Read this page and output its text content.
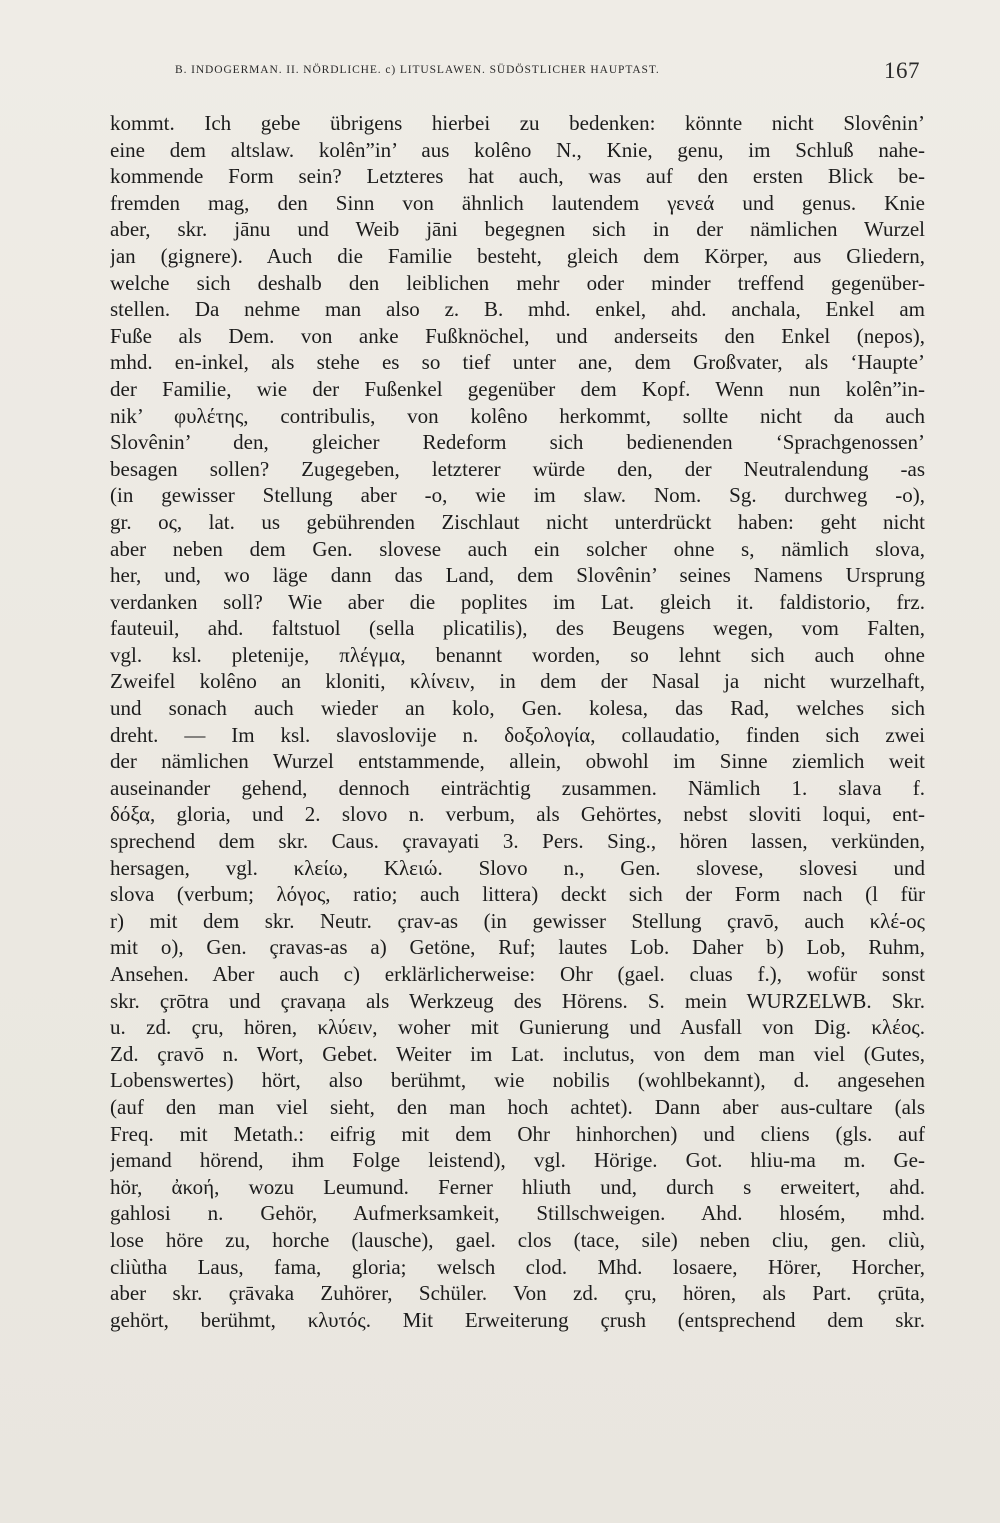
B. INDOGERMAN. II. NÖRDLICHE. c) LITUSLAWEN. SÜDÖSTLICHER HAUPTAST.	167
kommt. Ich gebe übrigens hierbei zu bedenken: könnte nicht Slovênin’
eine dem altslaw. kolên”in’ aus kolêno N., Knie, genu, im Schluß nahe-
kommende Form sein? Letzteres hat auch, was auf den ersten Blick be-
fremden mag, den Sinn von ähnlich lautendem γενεά und genus. Knie
aber, skr. jānu und Weib jāni begegnen sich in der nämlichen Wurzel
jan (gignere). Auch die Familie besteht, gleich dem Körper, aus Gliedern,
welche sich deshalb den leiblichen mehr oder minder treffend gegenüber-
stellen. Da nehme man also z. B. mhd. enkel, ahd. anchala, Enkel am
Fuße als Dem. von anke Fußknöchel, und anderseits den Enkel (nepos),
mhd. en-inkel, als stehe es so tief unter ane, dem Großvater, als ‘Haupte’
der Familie, wie der Fußenkel gegenüber dem Kopf. Wenn nun kolên”in-
nik’ φυλέτης, contribulis, von kolêno herkommt, sollte nicht da auch
Slovênin’ den, gleicher Redeform sich bedienenden ‘Sprachgenossen’
besagen sollen? Zugegeben, letzterer würde den, der Neutralendung -as
(in gewisser Stellung aber -o, wie im slaw. Nom. Sg. durchweg -o),
gr. ος, lat. us gebührenden Zischlaut nicht unterdrückt haben: geht nicht
aber neben dem Gen. slovese auch ein solcher ohne s, nämlich slova,
her, und, wo läge dann das Land, dem Slovênin’ seines Namens Ursprung
verdanken soll? Wie aber die poplites im Lat. gleich it. faldistorio, frz.
fauteuil, ahd. faltstuol (sella plicatilis), des Beugens wegen, vom Falten,
vgl. ksl. pletenije, πλέγμα, benannt worden, so lehnt sich auch ohne
Zweifel kolêno an kloniti, κλίνειν, in dem der Nasal ja nicht wurzelhaft,
und sonach auch wieder an kolo, Gen. kolesa, das Rad, welches sich
dreht. — Im ksl. slavoslovije n. δοξολογία, collaudatio, finden sich zwei
der nämlichen Wurzel entstammende, allein, obwohl im Sinne ziemlich weit
auseinander gehend, dennoch einträchtig zusammen. Nämlich 1. slava f.
δόξα, gloria, und 2. slovo n. verbum, als Gehörtes, nebst sloviti loqui, ent-
sprechend dem skr. Caus. çravayati 3. Pers. Sing., hören lassen, verkünden,
hersagen, vgl. κλείω, Κλειώ. Slovo n., Gen. slovese, slovesi und
slova (verbum; λόγος, ratio; auch littera) deckt sich der Form nach (l für
r) mit dem skr. Neutr. çrav-as (in gewisser Stellung çravō, auch κλέ-ος
mit o), Gen. çravas-as a) Getöne, Ruf; lautes Lob. Daher b) Lob, Ruhm,
Ansehen. Aber auch c) erklärlicherweise: Ohr (gael. cluas f.), wofür sonst
skr. çrōtra und çravaṇa als Werkzeug des Hörens. S. mein WURZELWB. Skr.
u. zd. çru, hören, κλύειν, woher mit Gunierung und Ausfall von Dig. κλέος.
Zd. çravō n. Wort, Gebet. Weiter im Lat. inclutus, von dem man viel (Gutes,
Lobenswertes) hört, also berühmt, wie nobilis (wohlbekannt), d. angesehen
(auf den man viel sieht, den man hoch achtet). Dann aber aus-cultare (als
Freq. mit Metath.: eifrig mit dem Ohr hinhorchen) und cliens (gls. auf
jemand hörend, ihm Folge leistend), vgl. Hörige. Got. hliu-ma m. Ge-
hör, ἀκοή, wozu Leumund. Ferner hliuth und, durch s erweitert, ahd.
gahlosi n. Gehör, Aufmerksamkeit, Stillschweigen. Ahd. hlosém, mhd.
lose höre zu, horche (lausche), gael. clos (tace, sile) neben cliu, gen. cliù,
cliùtha Laus, fama, gloria; welsch clod. Mhd. losaere, Hörer, Horcher,
aber skr. çrāvaka Zuhörer, Schüler. Von zd. çru, hören, als Part. çrūta,
gehört, berühmt, κλυτός. Mit Erweiterung çrush (entsprechend dem skr.
